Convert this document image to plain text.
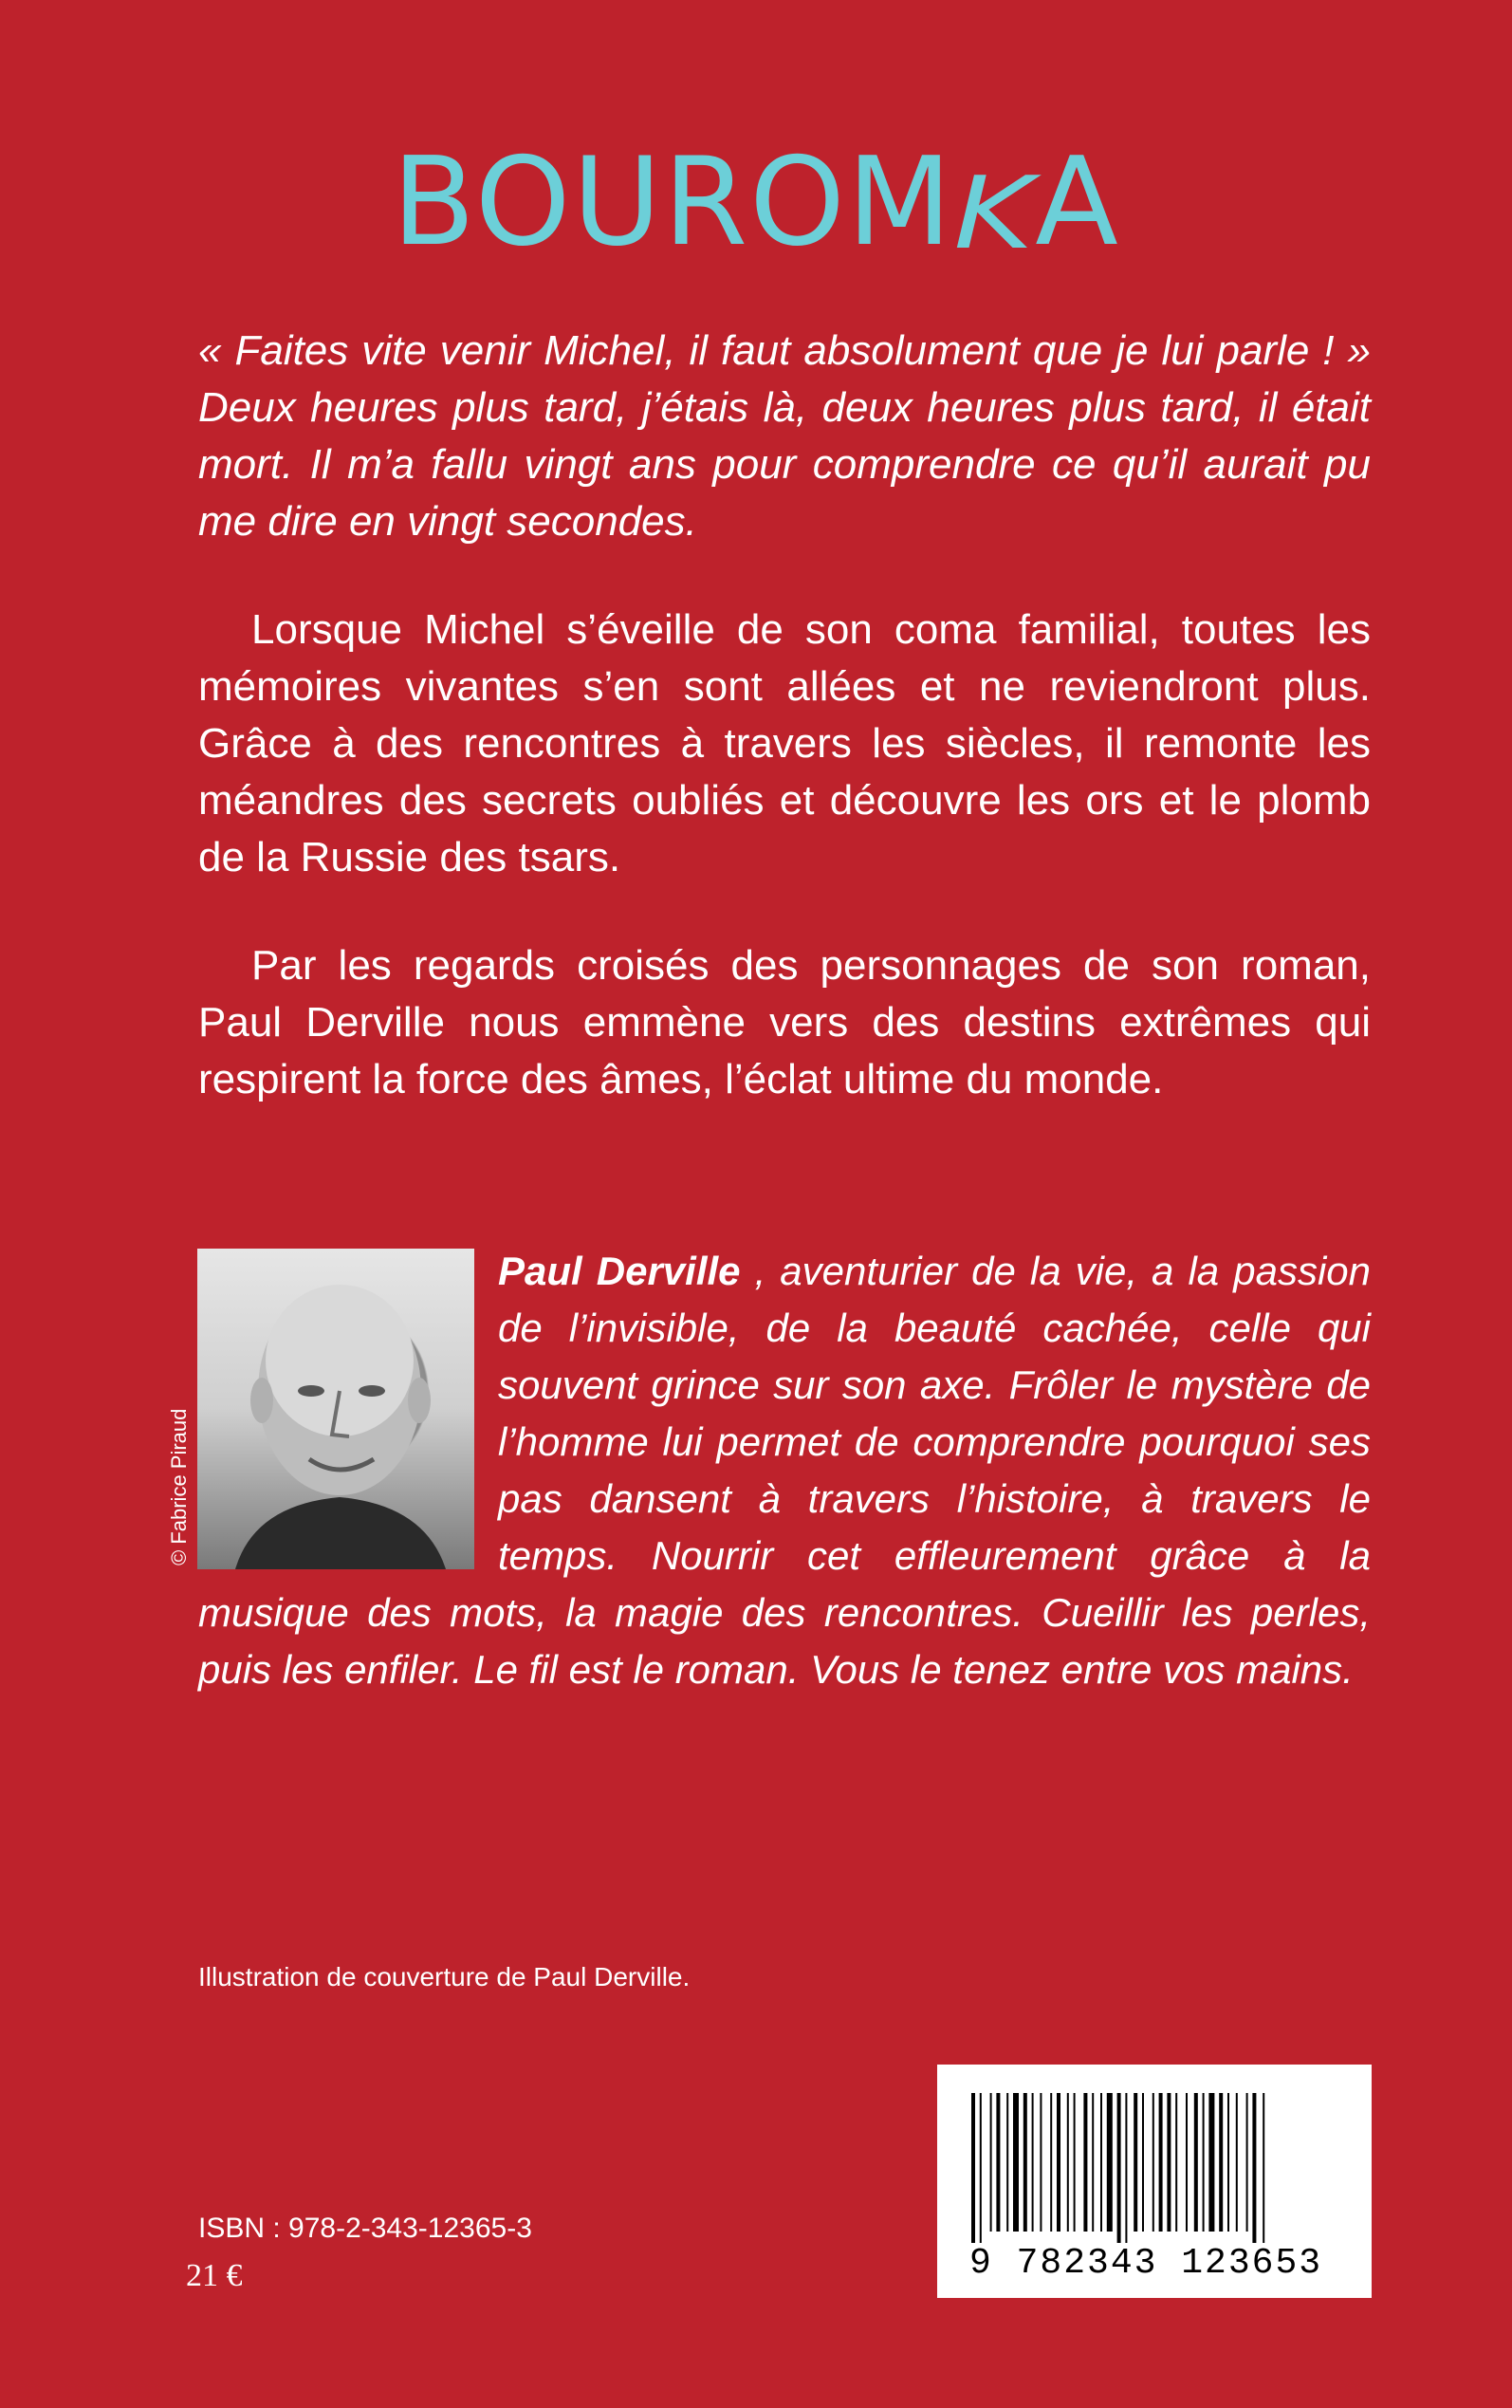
BOUROMKA

« Faites vite venir Michel, il faut absolument que je lui parle ! » Deux heures plus tard, j’étais là, deux heures plus tard, il était mort. Il m’a fallu vingt ans pour comprendre ce qu’il aurait pu me dire en vingt secondes.

Lorsque Michel s’éveille de son coma familial, toutes les mémoires vivantes s’en sont allées et ne reviendront plus. Grâce à des rencontres à travers les siècles, il remonte les méandres des secrets oubliés et découvre les ors et le plomb de la Russie des tsars.

Par les regards croisés des personnages de son roman, Paul Derville nous emmène vers des destins extrêmes qui respirent la force des âmes, l’éclat ultime du monde.

© Fabrice Piraud

Paul Derville , aventurier de la vie, a la passion de l’invisible, de la beauté cachée, celle qui souvent grince sur son axe. Frôler le mystère de l’homme lui permet de comprendre pourquoi ses pas dansent à travers l’histoire, à travers le temps. Nourrir cet effleurement grâce à la musique des mots, la magie des rencontres. Cueillir les perles, puis les enfiler. Le fil est le roman. Vous le tenez entre vos mains.

Illustration de couverture de Paul Derville.
9 782343 123653
ISBN : 978-2-343-12365-3
21 €
